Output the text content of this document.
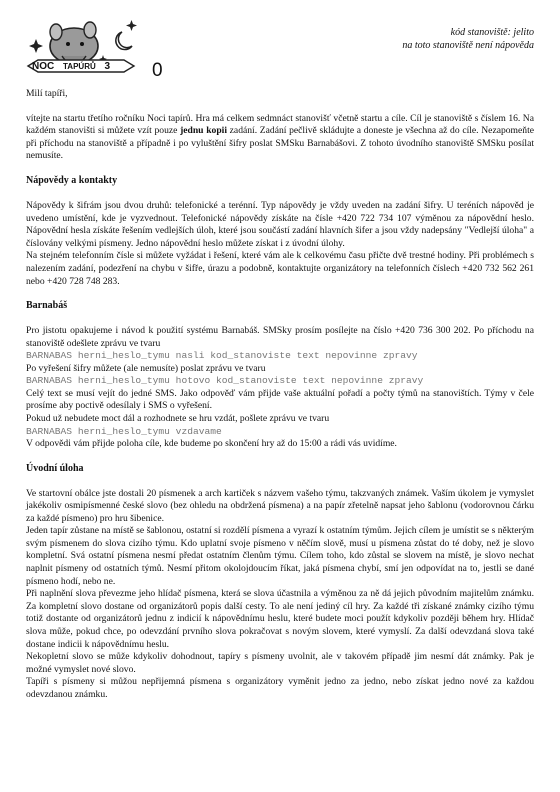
NOC TAPÚRŮ 3 0
kód stanoviště: jelito
na toto stanoviště není nápověda

Milí tapíři,

vítejte na startu třetího ročníku Noci tapírů. Hra má celkem sedmnáct stanovišť včetně startu a cíle. Cíl je stanoviště s číslem 16. Na každém stanovišti si můžete vzít pouze jednu kopii zadání. Zadání pečlivě skládujte a doneste je všechna až do cíle. Nezapomeňte při příchodu na stanoviště a případně i po vyluštění šifry poslat SMSku Barnabášovi. Z tohoto úvodního stanoviště SMSku posílat nemusíte.

Nápovědy a kontakty

Nápovědy k šifrám jsou dvou druhů: telefonické a terénní. Typ nápovědy je vždy uveden na zadání šifry. U teréních nápověd je uvedeno umístění, kde je vyzvednout. Telefonické nápovědy získáte na čísle +420 722 734 107 výměnou za nápovědní heslo. Nápovědní hesla získáte řešením vedlejších úloh, které jsou součástí zadání hlavních šifer a jsou vždy nadepsány "Vedlejší úloha" a číslovány velkými písmeny. Jedno nápovědní heslo můžete získat i z úvodní úlohy.

Na stejném telefonním čísle si můžete vyžádat i řešení, které vám ale k celkovému času přičte dvě trestné hodiny. Při problémech s nalezením zadání, podezření na chybu v šifře, úrazu a podobně, kontaktujte organizátory na telefonních číslech +420 732 562 261 nebo +420 728 748 283.

Barnabáš

Pro jistotu opakujeme i návod k použití systému Barnabáš. SMSky prosím posílejte na číslo +420 736 300 202. Po příchodu na stanoviště odešlete zprávu ve tvaru

BARNABAS herni_heslo_tymu nasli kod_stanoviste text nepovinne zpravy

Po vyřešení šifry můžete (ale nemusíte) poslat zprávu ve tvaru

BARNABAS herni_heslo_tymu hotovo kod_stanoviste text nepovinne zpravy

Celý text se musí vejít do jedné SMS. Jako odpověď vám přijde vaše aktuální pořadí a počty týmů na stanovištích. Týmy v čele prosíme aby poctivě odesílaly i SMS o vyřešení.

Pokud už nebudete moct dál a rozhodnete se hru vzdát, pošlete zprávu ve tvaru

BARNABAS herni_heslo_tymu vzdavame

V odpovědi vám přijde poloha cíle, kde budeme po skončení hry až do 15:00 a rádi vás uvidíme.

Úvodní úloha

Ve startovní obálce jste dostali 20 písmenek a arch kartiček s názvem vašeho týmu, takzvaných známek. Vaším úkolem je vymyslet jakékoliv osmipísmenné české slovo (bez ohledu na obdržená písmena) a na papír zřetelně napsat jeho šablonu (vodorovnou čárku za každé písmeno) pro hru šibenice.

Jeden tapír zůstane na místě se šablonou, ostatní si rozdělí písmena a vyrazí k ostatním týmům. Jejich cílem je umístit se s některým svým písmenem do slova cizího týmu. Kdo uplatní svoje písmeno v něčím slově, musí u písmena zůstat do té doby, než je slovo kompletní. Svá ostatní písmena nesmí předat ostatním členům týmu. Cílem toho, kdo zůstal se slovem na místě, je slovo nechat naplnit písmeny od ostatních týmů. Nesmí přitom okolojdoucím říkat, jaká písmena chybí, smí jen odpovídat na to, jestli se dané písmeno hodí, nebo ne.

Při naplnění slova převezme jeho hlídač písmena, která se slova účastnila a výměnou za ně dá jejich původním majitelům známku. Za kompletní slovo dostane od organizátorů popis další cesty. To ale není jediný cíl hry. Za každé tři získané známky cizího týmu totiž dostante od organizátorů jednu z indicií k nápovědnímu heslu, které budete moci použít kdykoliv později během hry. Hlídač slova může, pokud chce, po odevzdání prvního slova pokračovat s novým slovem, které vymyslí. Za další odevzdaná slova také dostane indicii k nápovědnímu heslu.

Nekopletní slovo se může kdykoliv dohodnout, tapíry s písmeny uvolnit, ale v takovém případě jim nesmí dát známky. Pak je možné vymyslet nové slovo.

Tapíři s písmeny si můžou nepřijemná písmena s organizátory vyměnit jedno za jedno, nebo získat jedno nové za každou odevzdanou známku.
